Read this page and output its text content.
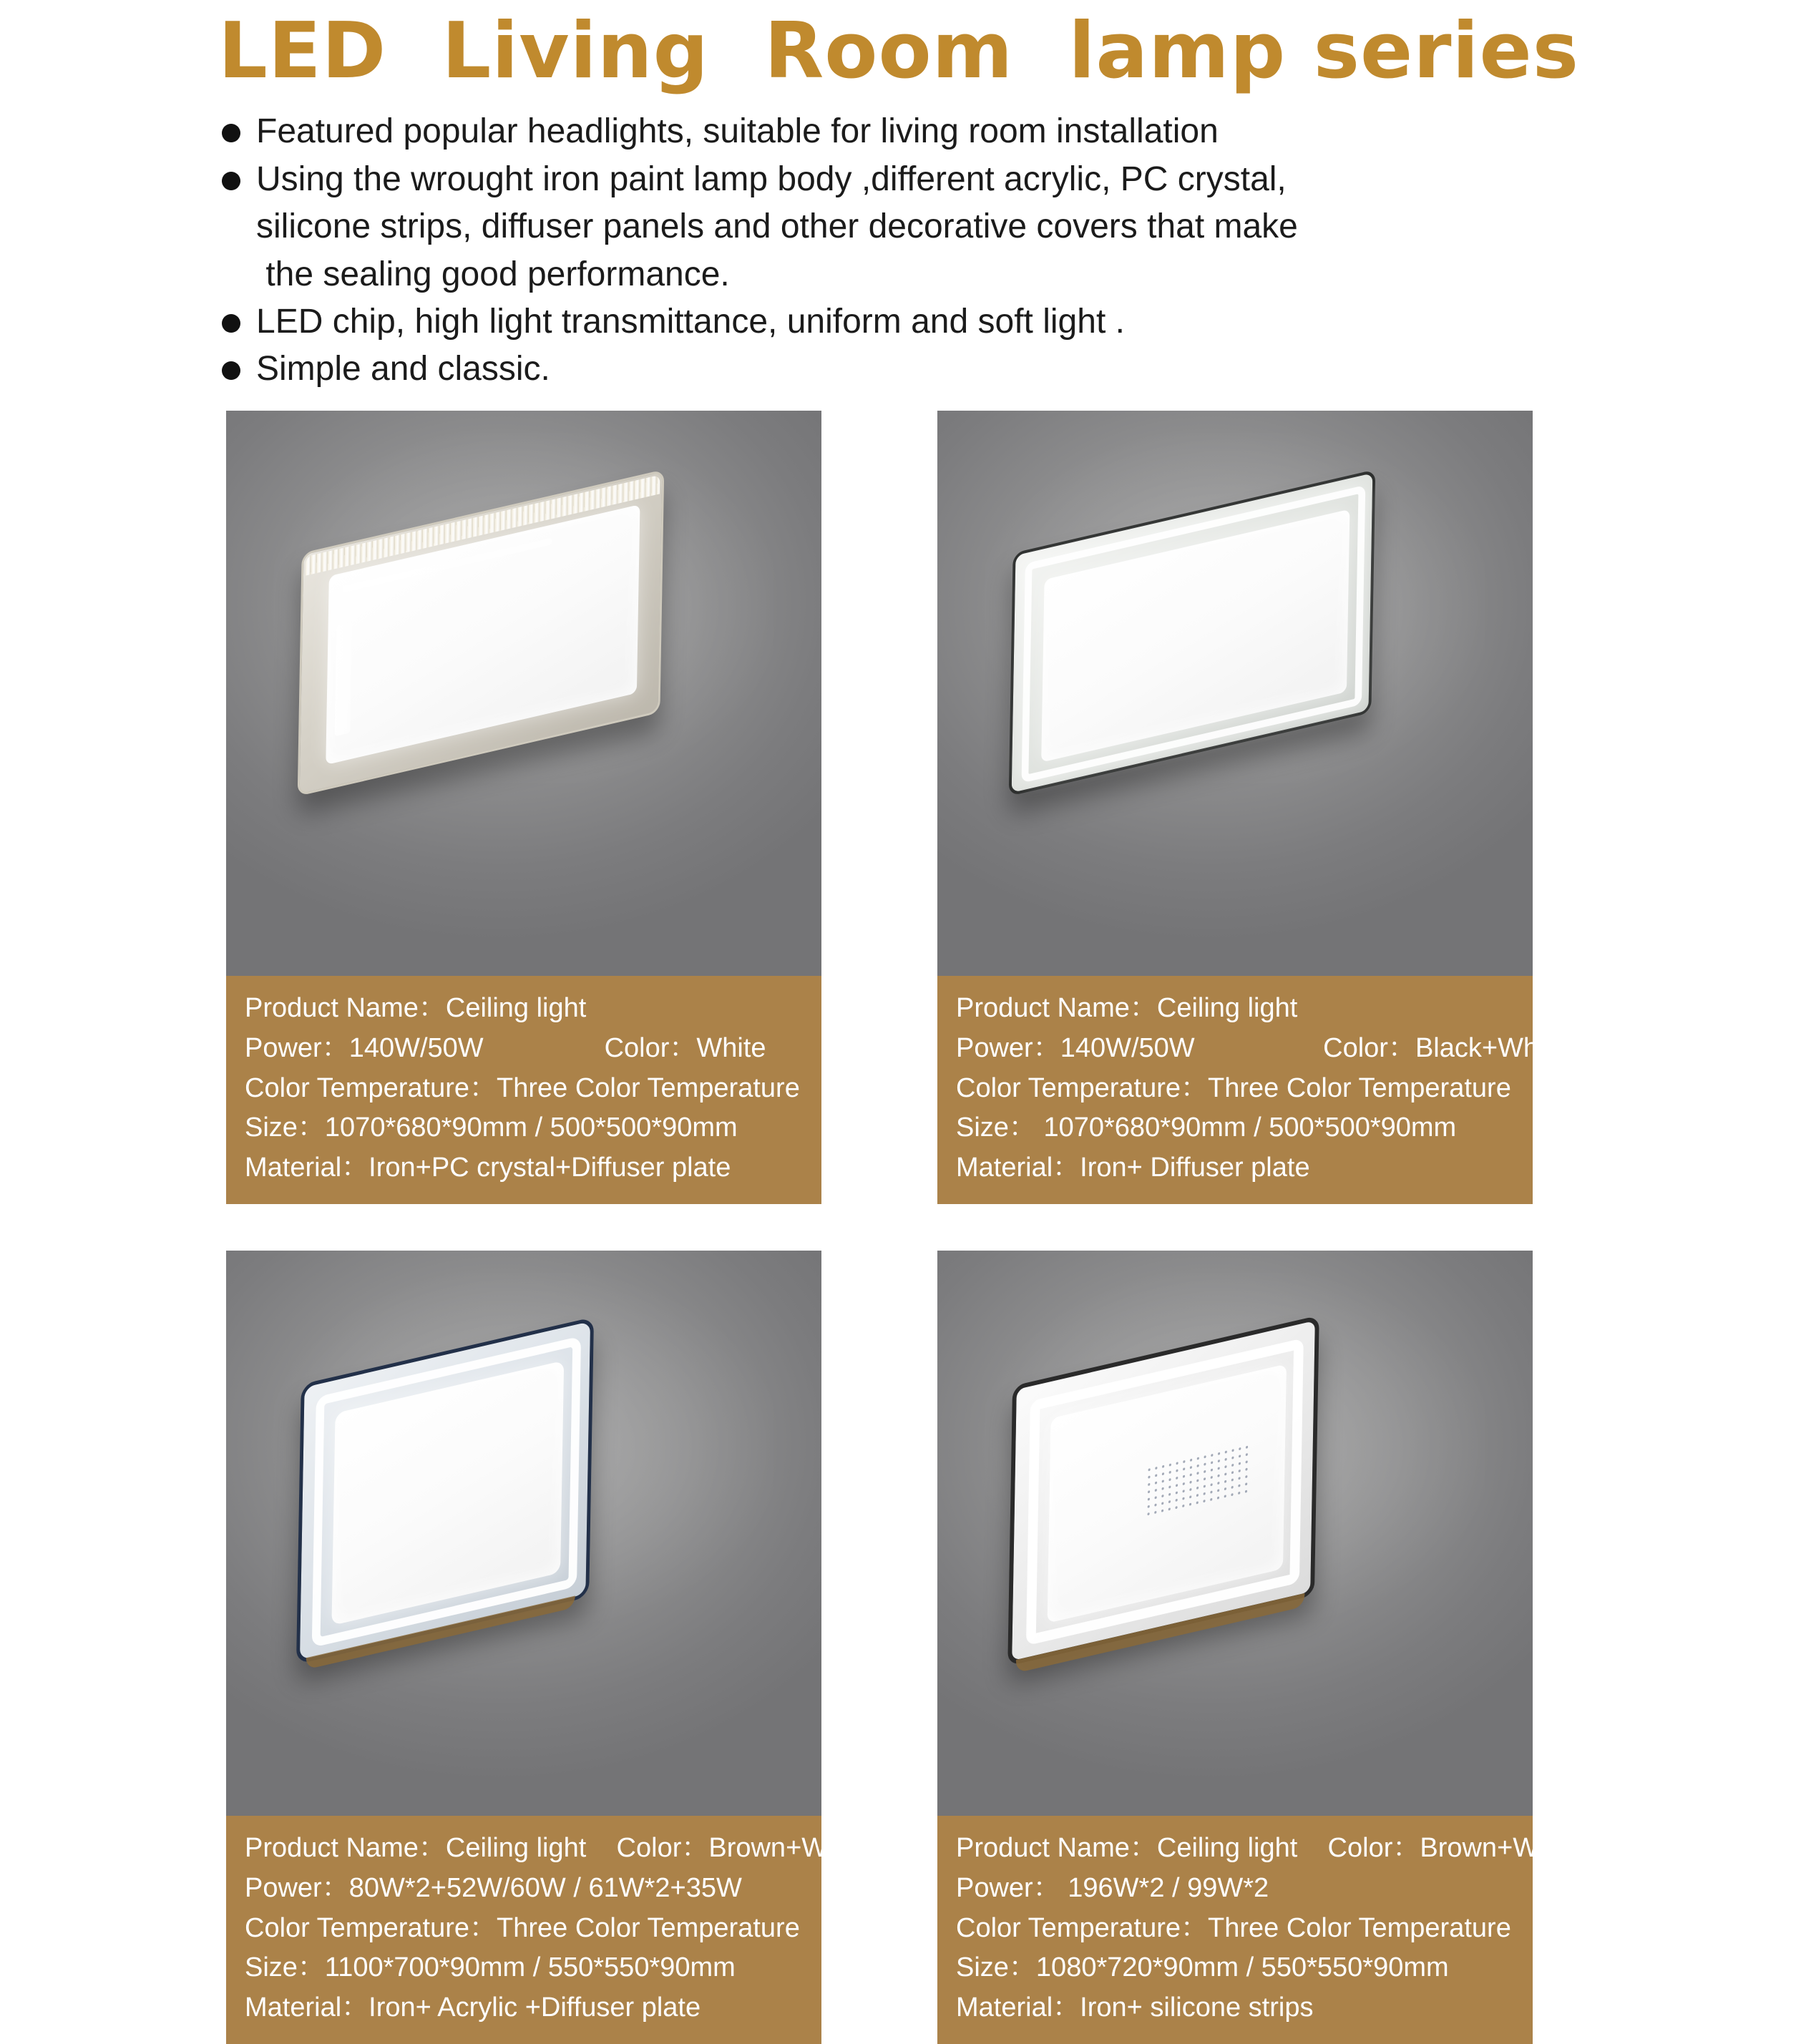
LED  Living  Room  lamp series
Featured popular headlights, suitable for living room installation
Using the wrought iron paint lamp body ,different acrylic, PC crystal,
silicone strips, diffuser panels and other decorative covers that make
the sealing good performance.
LED chip, high light transmittance, uniform and soft light .
Simple and classic.
Product Name：Ceiling light
Power：140W/50W                Color：White
Color Temperature：Three Color Temperature
Size：1070*680*90mm / 500*500*90mm
Material：Iron+PC crystal+Diffuser plate
Product Name：Ceiling light
Power：140W/50W                 Color：Black+White
Color Temperature：Three Color Temperature
Size： 1070*680*90mm / 500*500*90mm
Material：Iron+ Diffuser plate
Product Name：Ceiling light    Color：Brown+White
Power：80W*2+52W/60W / 61W*2+35W
Color Temperature：Three Color Temperature
Size：1100*700*90mm / 550*550*90mm
Material：Iron+ Acrylic +Diffuser plate
Product Name：Ceiling light    Color：Brown+White
Power： 196W*2 / 99W*2
Color Temperature：Three Color Temperature
Size：1080*720*90mm / 550*550*90mm
Material：Iron+ silicone strips
